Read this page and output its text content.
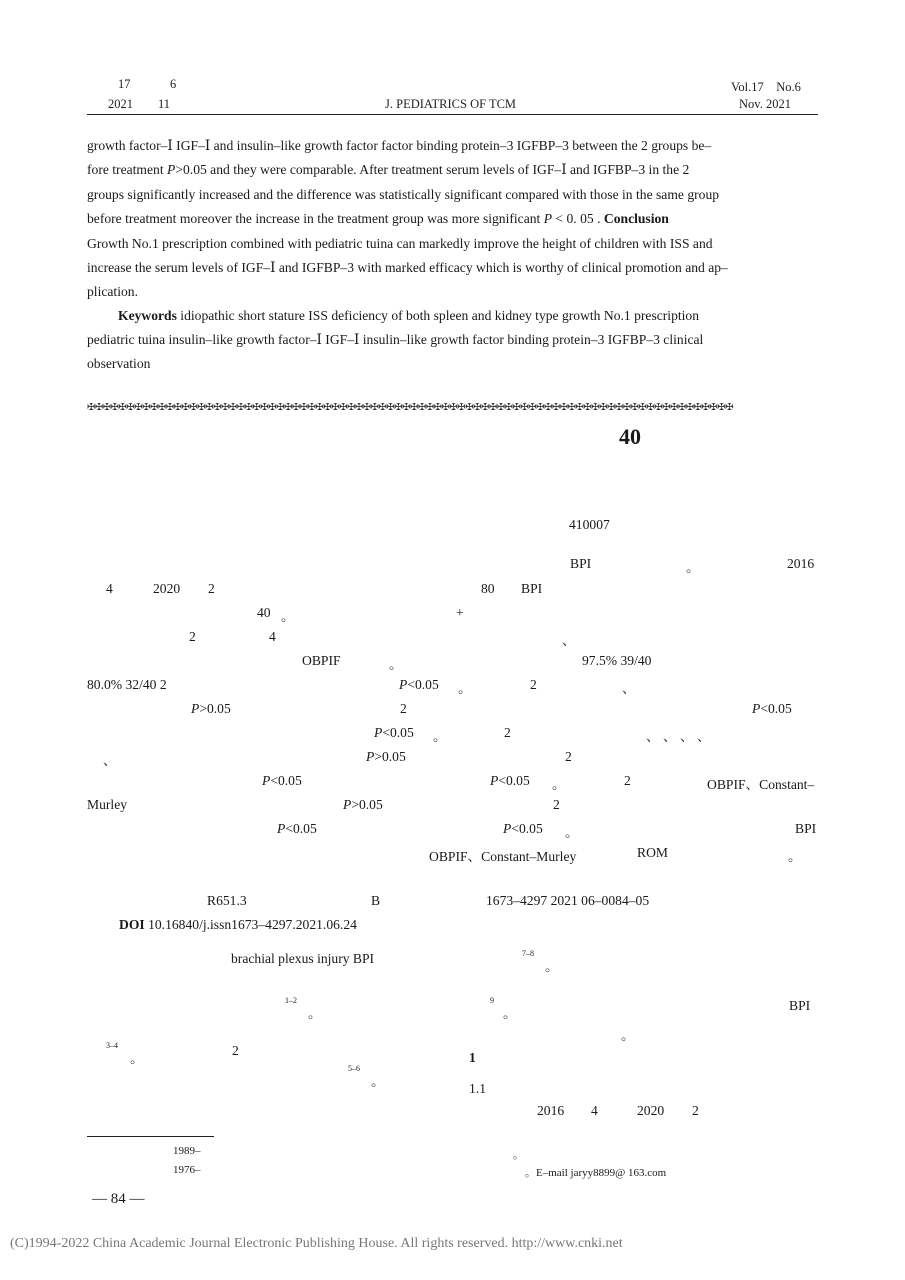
17	6
2021 11	J. PEDIATRICS OF TCM
Vol.17　No.6
Nov. 2021
growth factor–Ⅰ IGF–Ⅰ and insulin–like growth factor factor binding protein–3 IGFBP–3 between the 2 groups be–
fore treatment P>0.05 and they were comparable. After treatment serum levels of IGF–Ⅰ and IGFBP–3 in the 2
groups significantly increased and the difference was statistically significant compared with those in the same group
before treatment moreover the increase in the treatment group was more significant P < 0. 05 . Conclusion
Growth No.1 prescription combined with pediatric tuina can markedly improve the height of children with ISS and
increase the serum levels of IGF–Ⅰ and IGFBP–3 with marked efficacy which is worthy of clinical promotion and ap–
plication.
Keywords idiopathic short stature ISS deficiency of both spleen and kidney type growth No.1 prescription
pediatric tuina insulin–like growth factor–Ⅰ IGF–Ⅰ insulin–like growth factor binding protein–3 IGFBP–3 clinical
observation
✠✠✠✠✠✠✠✠✠✠✠✠✠✠✠✠✠✠✠✠✠✠✠✠✠✠✠✠✠✠✠✠✠✠✠✠✠✠✠✠✠✠✠✠✠✠✠✠✠✠✠✠✠✠✠✠✠✠✠✠✠✠✠✠✠✠✠✠✠✠✠✠✠✠✠✠✠✠✠✠✠✠
40
410007
BPI	。	2016
4	2020 2	80 BPI
40 。	+
2	4	、
OBPIF	。	97.5% 39/40
80.0% 32/40 2	P<0.05 。	2	、
P>0.05	2	P<0.05
P<0.05 。	2	、 、 、 、
、	P>0.05	2
P<0.05	P<0.05 。	2	OBPIF、Constant–
Murley	P>0.05	2
P<0.05	P<0.05 。	BPI
OBPIF、Constant–Murley	ROM	。
R651.3	B	1673–4297 2021 06–0084–05
DOI 10.16840/j.issn1673–4297.2021.06.24
brachial plexus injury BPI	7–8
。
1–2
。
9
。
BPI
。
3–4
。
2	1
5–6
。	1.1
2016 4	2020 2
1989–	。
1976–	。E–mail jaryy8899@ 163.com
— 84 —
(C)1994-2022 China Academic Journal Electronic Publishing House. All rights reserved. http://www.cnki.net
